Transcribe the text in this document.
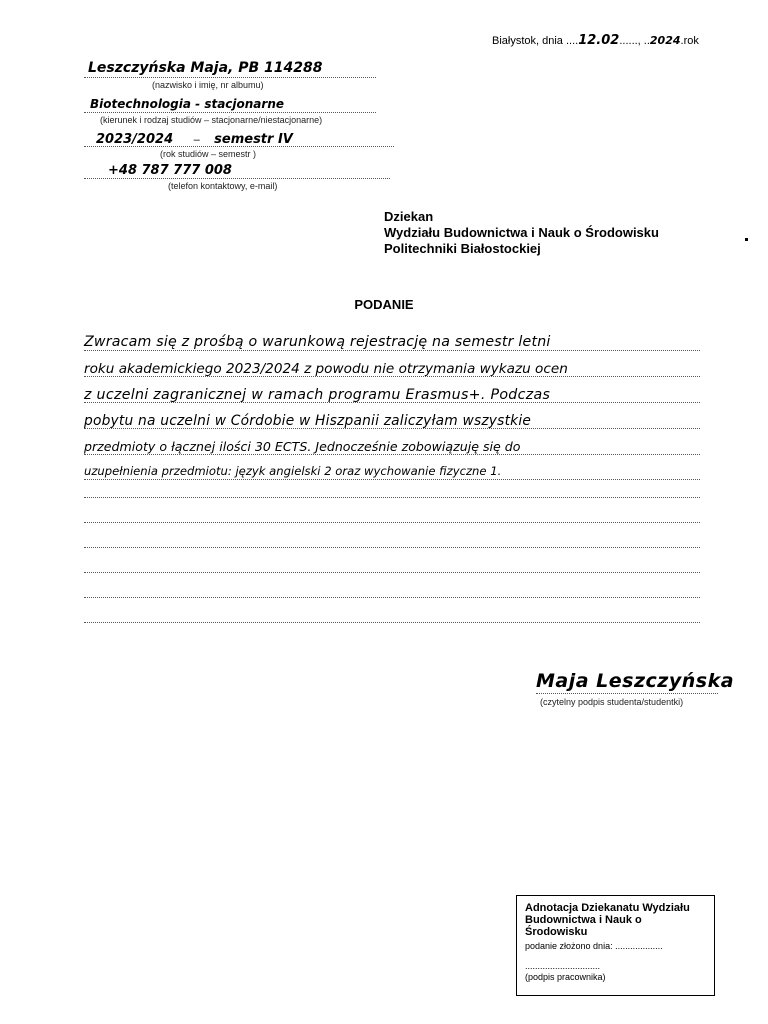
Białystok, dnia ....12.02......, ..2024.rok
Leszczyńska Maja, PB 114288
(nazwisko i imię, nr albumu)
Biotechnologia - stacjonarne
(kierunek i rodzaj studiów – stacjonarne/niestacjonarne)
2023/2024 – semestr IV
(rok studiów – semestr )
+48 787 777 008
(telefon kontaktowy, e-mail)
Dziekan
Wydziału Budownictwa i Nauk o Środowisku
Politechniki Białostockiej
PODANIE
Zwracam się z prośbą o warunkową rejestrację na semestr letni
roku akademickiego 2023/2024 z powodu nie otrzymania wykazu ocen
z uczelni zagranicznej w ramach programu Erasmus+. Podczas
pobytu na uczelni w Córdobie w Hiszpanii zaliczyłam wszystkie
przedmioty o łącznej ilości 30 ECTS. Jednocześnie zobowiązuję się do
uzupełnienia przedmiotu: język angielski 2 oraz wychowanie fizyczne 1.
Maja Leszczyńska
(czytelny podpis studenta/studentki)
Adnotacja Dziekanatu Wydziału Budownictwa i Nauk o Środowisku
podanie złożono dnia: ...................
..............................
(podpis pracownika)
